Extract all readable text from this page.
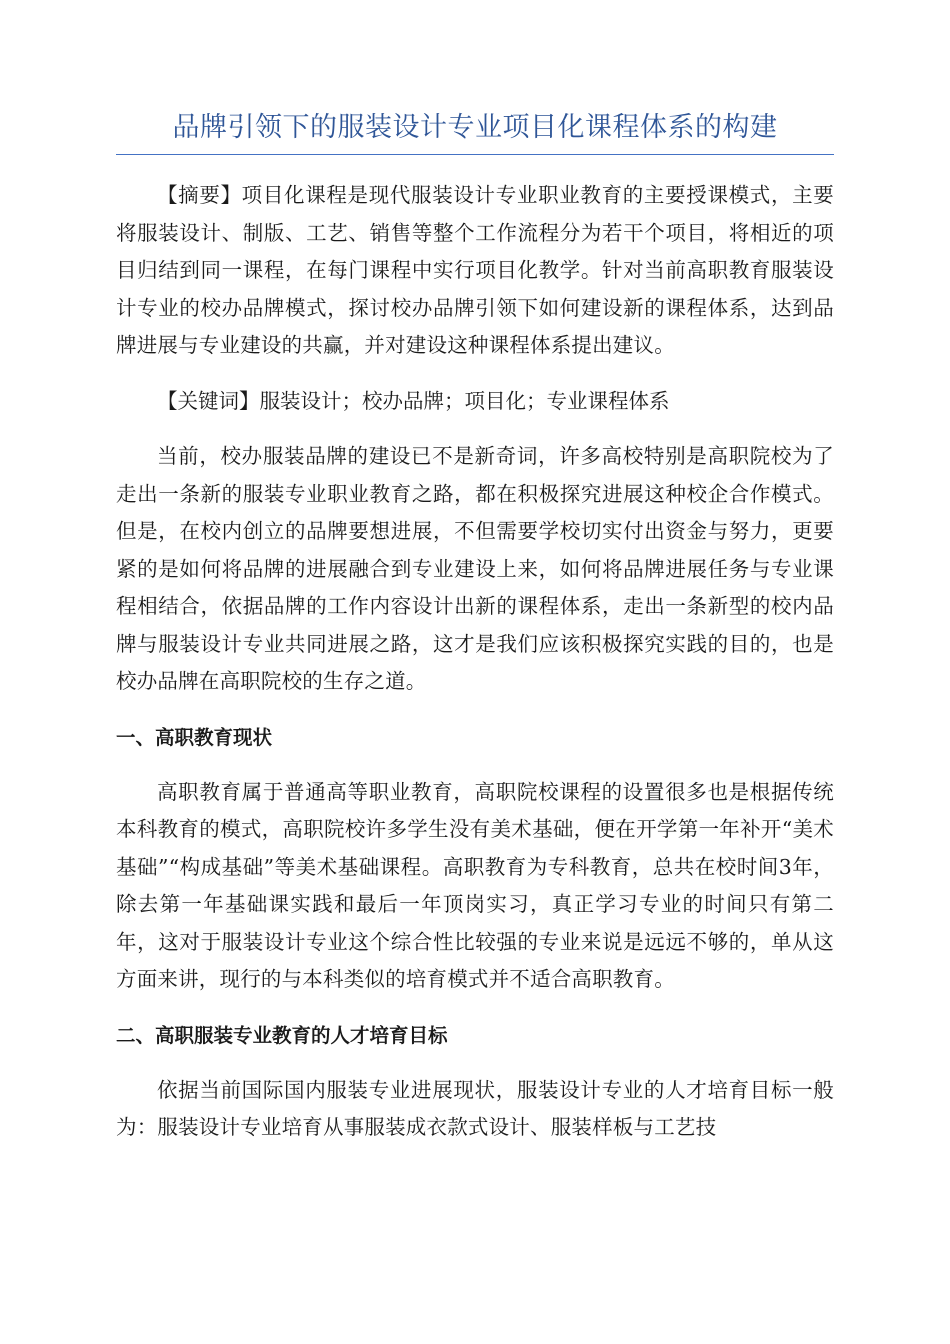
品牌引领下的服装设计专业项目化课程体系的构建

【摘要】项目化课程是现代服装设计专业职业教育的主要授课模式，主要将服装设计、制版、工艺、销售等整个工作流程分为若干个项目，将相近的项目归结到同一课程，在每门课程中实行项目化教学。针对当前高职教育服装设计专业的校办品牌模式，探讨校办品牌引领下如何建设新的课程体系，达到品牌进展与专业建设的共赢，并对建设这种课程体系提出建议。

【关键词】服装设计；校办品牌；项目化；专业课程体系

当前，校办服装品牌的建设已不是新奇词，许多高校特别是高职院校为了走出一条新的服装专业职业教育之路，都在积极探究进展这种校企合作模式。但是，在校内创立的品牌要想进展，不但需要学校切实付出资金与努力，更要紧的是如何将品牌的进展融合到专业建设上来，如何将品牌进展任务与专业课程相结合，依据品牌的工作内容设计出新的课程体系，走出一条新型的校内品牌与服装设计专业共同进展之路，这才是我们应该积极探究实践的目的，也是校办品牌在高职院校的生存之道。

一、高职教育现状

高职教育属于普通高等职业教育，高职院校课程的设置很多也是根据传统本科教育的模式，高职院校许多学生没有美术基础，便在开学第一年补开“美术基础”“构成基础”等美术基础课程。高职教育为专科教育，总共在校时间3年，除去第一年基础课实践和最后一年顶岗实习，真正学习专业的时间只有第二年，这对于服装设计专业这个综合性比较强的专业来说是远远不够的，单从这方面来讲，现行的与本科类似的培育模式并不适合高职教育。

二、高职服装专业教育的人才培育目标

依据当前国际国内服装专业进展现状，服装设计专业的人才培育目标一般为：服装设计专业培育从事服装成衣款式设计、服装样板与工艺技
